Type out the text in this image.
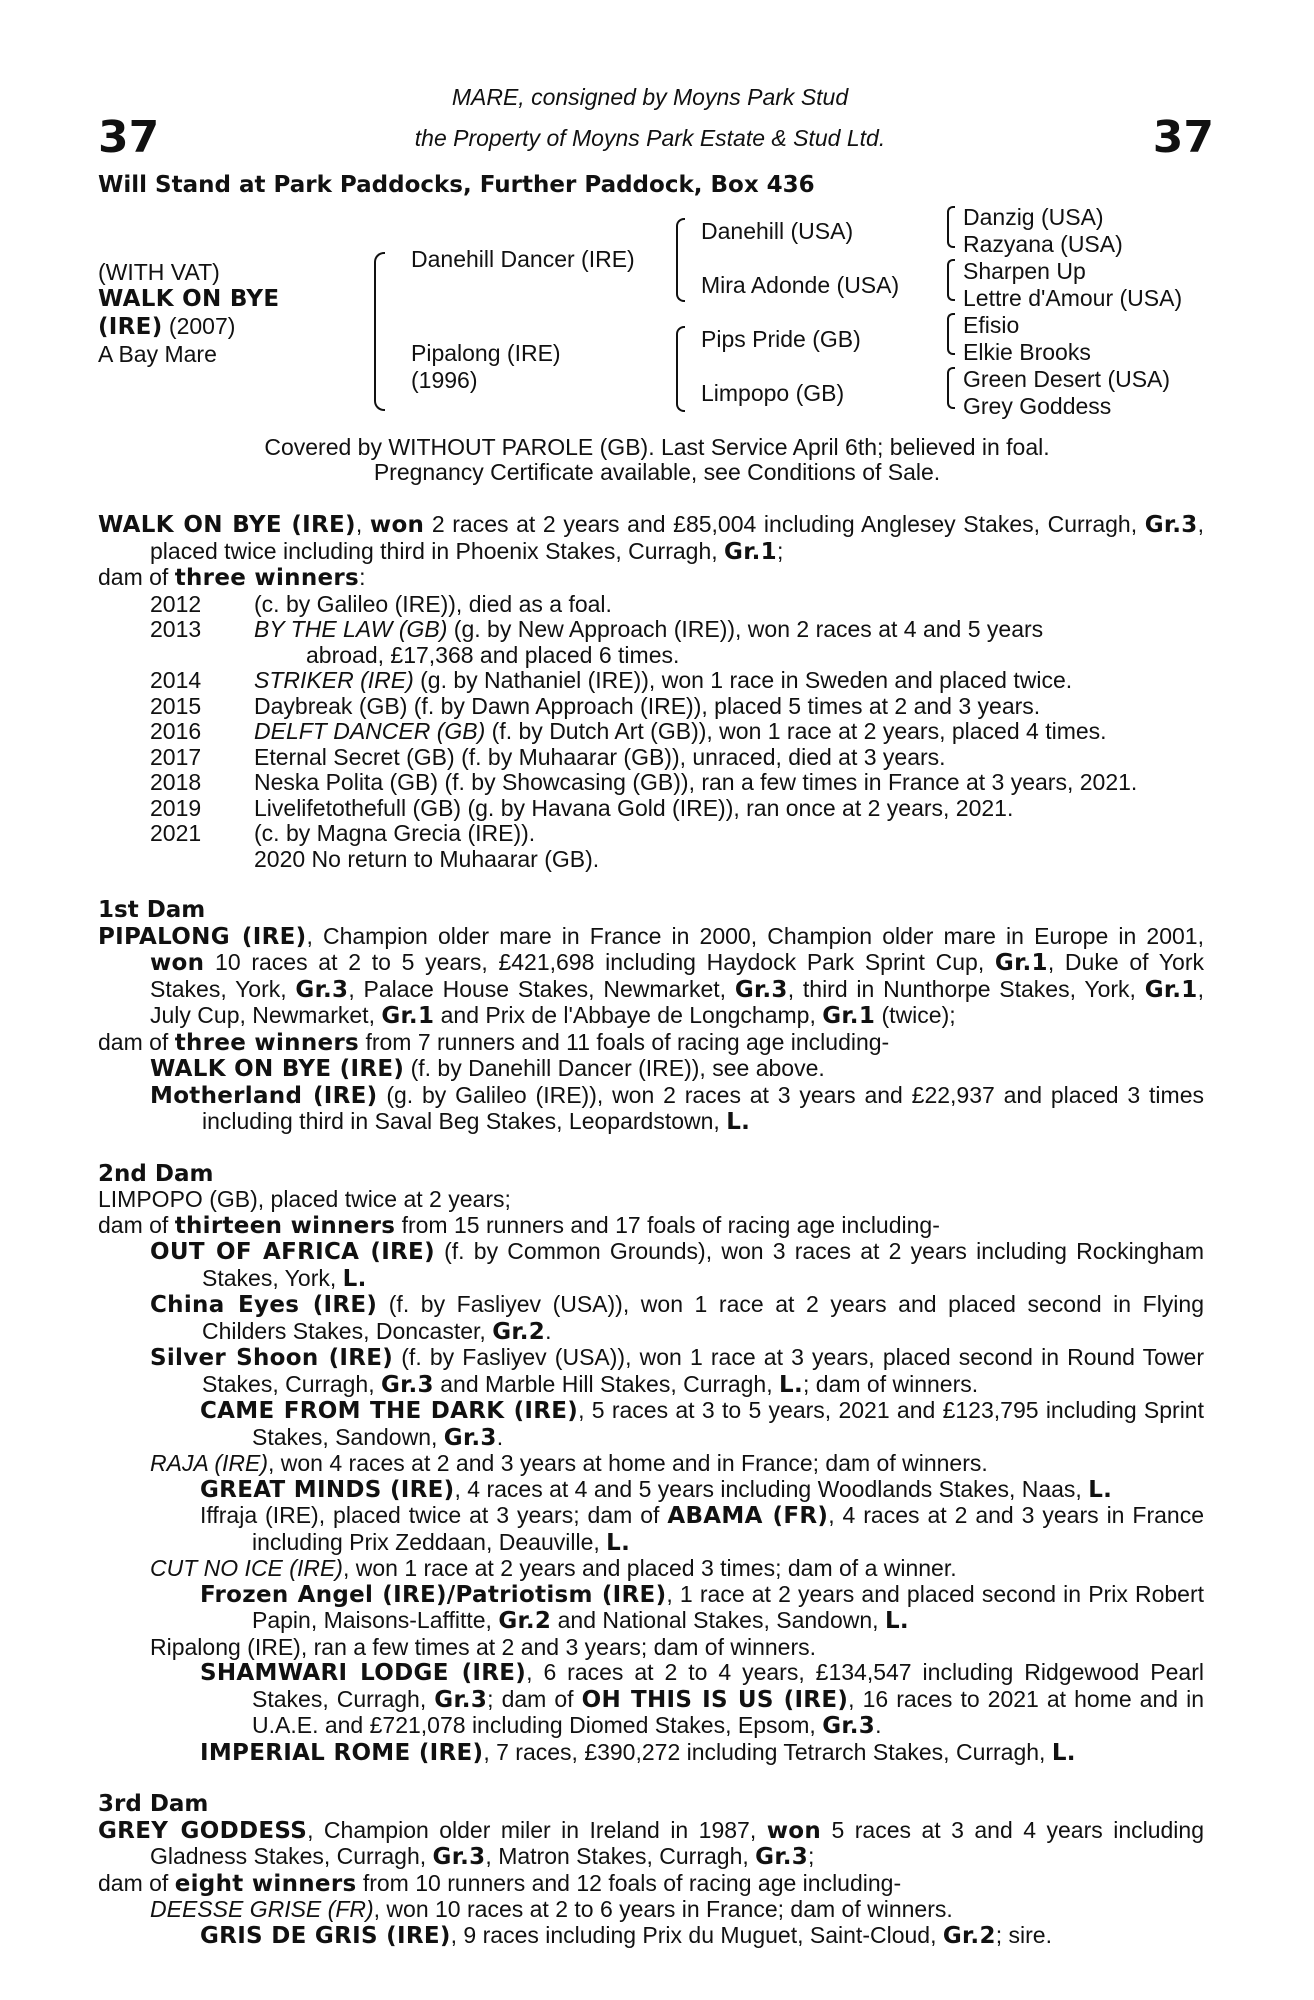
37	37
MARE, consigned by Moyns Park Stud
the Property of Moyns Park Estate & Stud Ltd.
Will Stand at Park Paddocks, Further Paddock, Box 436
(WITH VAT)
WALK ON BYE
(IRE) (2007)
A Bay Mare
Danehill Dancer (IRE)
Pipalong (IRE)
(1996)
Danehill (USA)
Mira Adonde (USA)
Pips Pride (GB)
Limpopo (GB)
Danzig (USA)
Razyana (USA)
Sharpen Up
Lettre d'Amour (USA)
Efisio
Elkie Brooks
Green Desert (USA)
Grey Goddess
Covered by WITHOUT PAROLE (GB). Last Service April 6th; believed in foal.
Pregnancy Certificate available, see Conditions of Sale.

WALK ON BYE (IRE), won 2 races at 2 years and £85,004 including Anglesey Stakes, Curragh, Gr.3, placed twice including third in Phoenix Stakes, Curragh, Gr.1;

dam of three winners:

2012	(c. by Galileo (IRE)), died as a foal.
2013	BY THE LAW (GB) (g. by New Approach (IRE)), won 2 races at 4 and 5 years
abroad, £17,368 and placed 6 times.
2014	STRIKER (IRE) (g. by Nathaniel (IRE)), won 1 race in Sweden and placed twice.
2015	Daybreak (GB) (f. by Dawn Approach (IRE)), placed 5 times at 2 and 3 years.
2016	DELFT DANCER (GB) (f. by Dutch Art (GB)), won 1 race at 2 years, placed 4 times.
2017	Eternal Secret (GB) (f. by Muhaarar (GB)), unraced, died at 3 years.
2018	Neska Polita (GB) (f. by Showcasing (GB)), ran a few times in France at 3 years, 2021.
2019	Livelifetothefull (GB) (g. by Havana Gold (IRE)), ran once at 2 years, 2021.
2021	(c. by Magna Grecia (IRE)).
2020 No return to Muhaarar (GB).
1st Dam

PIPALONG (IRE), Champion older mare in France in 2000, Champion older mare in Europe in 2001, won 10 races at 2 to 5 years, £421,698 including Haydock Park Sprint Cup, Gr.1, Duke of York Stakes, York, Gr.3, Palace House Stakes, Newmarket, Gr.3, third in Nunthorpe Stakes, York, Gr.1, July Cup, Newmarket, Gr.1 and Prix de l'Abbaye de Longchamp, Gr.1 (twice);

dam of three winners from 7 runners and 11 foals of racing age including-

WALK ON BYE (IRE) (f. by Danehill Dancer (IRE)), see above.

Motherland (IRE) (g. by Galileo (IRE)), won 2 races at 3 years and £22,937 and placed 3 times including third in Saval Beg Stakes, Leopardstown, L.

2nd Dam

LIMPOPO (GB), placed twice at 2 years;

dam of thirteen winners from 15 runners and 17 foals of racing age including-

OUT OF AFRICA (IRE) (f. by Common Grounds), won 3 races at 2 years including Rockingham Stakes, York, L.

China Eyes (IRE) (f. by Fasliyev (USA)), won 1 race at 2 years and placed second in Flying Childers Stakes, Doncaster, Gr.2.

Silver Shoon (IRE) (f. by Fasliyev (USA)), won 1 race at 3 years, placed second in Round Tower Stakes, Curragh, Gr.3 and Marble Hill Stakes, Curragh, L.; dam of winners.

CAME FROM THE DARK (IRE), 5 races at 3 to 5 years, 2021 and £123,795 including Sprint Stakes, Sandown, Gr.3.

RAJA (IRE), won 4 races at 2 and 3 years at home and in France; dam of winners.

GREAT MINDS (IRE), 4 races at 4 and 5 years including Woodlands Stakes, Naas, L.

Iffraja (IRE), placed twice at 3 years; dam of ABAMA (FR), 4 races at 2 and 3 years in France including Prix Zeddaan, Deauville, L.

CUT NO ICE (IRE), won 1 race at 2 years and placed 3 times; dam of a winner.

Frozen Angel (IRE)/Patriotism (IRE), 1 race at 2 years and placed second in Prix Robert Papin, Maisons-Laffitte, Gr.2 and National Stakes, Sandown, L.

Ripalong (IRE), ran a few times at 2 and 3 years; dam of winners.

SHAMWARI LODGE (IRE), 6 races at 2 to 4 years, £134,547 including Ridgewood Pearl Stakes, Curragh, Gr.3; dam of OH THIS IS US (IRE), 16 races to 2021 at home and in U.A.E. and £721,078 including Diomed Stakes, Epsom, Gr.3.

IMPERIAL ROME (IRE), 7 races, £390,272 including Tetrarch Stakes, Curragh, L.

3rd Dam

GREY GODDESS, Champion older miler in Ireland in 1987, won 5 races at 3 and 4 years including Gladness Stakes, Curragh, Gr.3, Matron Stakes, Curragh, Gr.3;

dam of eight winners from 10 runners and 12 foals of racing age including-

DEESSE GRISE (FR), won 10 races at 2 to 6 years in France; dam of winners.

GRIS DE GRIS (IRE), 9 races including Prix du Muguet, Saint-Cloud, Gr.2; sire.
